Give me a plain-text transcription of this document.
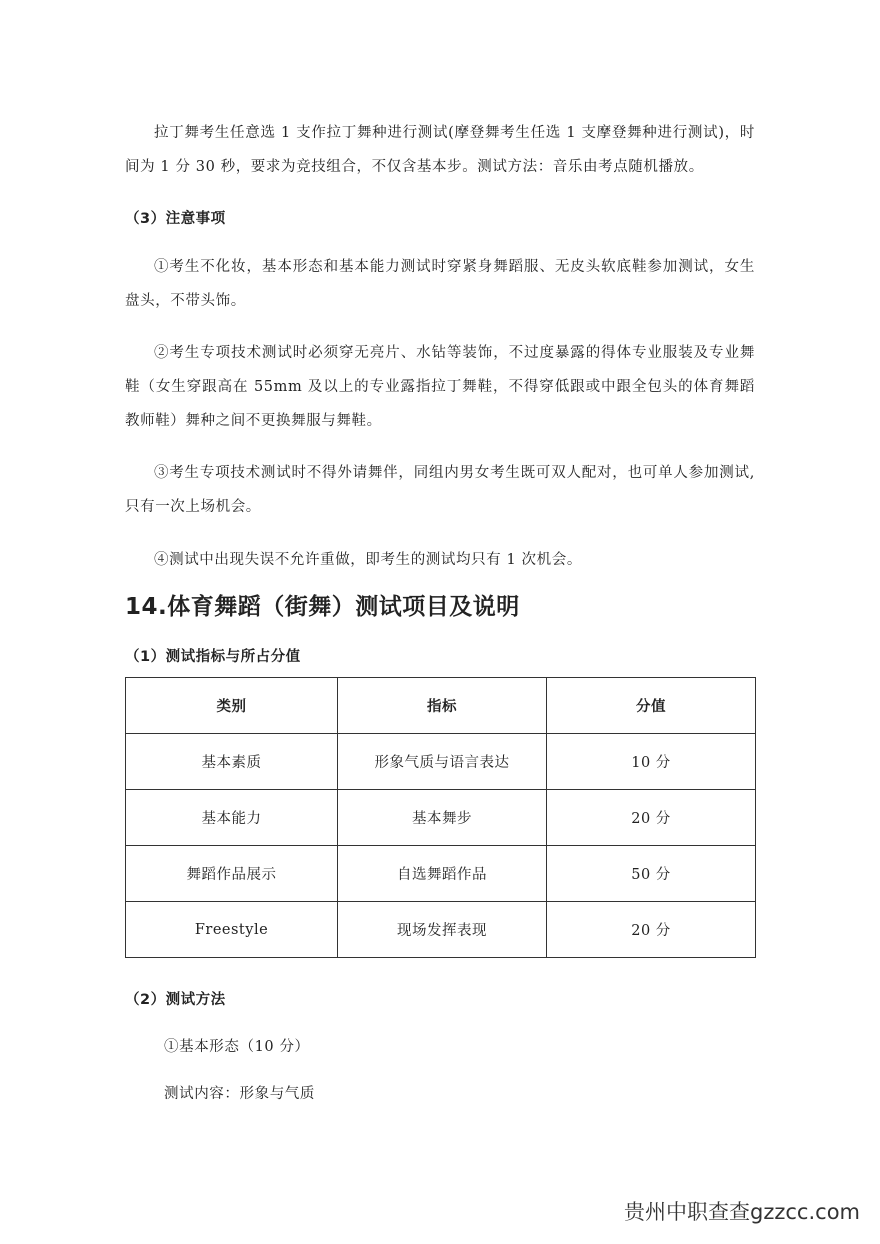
拉丁舞考生任意选 1 支作拉丁舞种进行测试(摩登舞考生任选 1 支摩登舞种进行测试)，时间为 1 分 30 秒，要求为竞技组合，不仅含基本步。测试方法：音乐由考点随机播放。

（3）注意事项

①考生不化妆，基本形态和基本能力测试时穿紧身舞蹈服、无皮头软底鞋参加测试，女生盘头，不带头饰。

②考生专项技术测试时必须穿无亮片、水钻等装饰，不过度暴露的得体专业服装及专业舞鞋（女生穿跟高在 55mm 及以上的专业露指拉丁舞鞋，不得穿低跟或中跟全包头的体育舞蹈教师鞋）舞种之间不更换舞服与舞鞋。

③考生专项技术测试时不得外请舞伴，同组内男女考生既可双人配对，也可单人参加测试,只有一次上场机会。

④测试中出现失误不允许重做，即考生的测试均只有 1 次机会。

14.体育舞蹈（街舞）测试项目及说明
（1）测试指标与所占分值
类别	指标	分值
基本素质	形象气质与语言表达	10 分
基本能力	基本舞步	20 分
舞蹈作品展示	自选舞蹈作品	50 分
Freestyle	现场发挥表现	20 分
（2）测试方法

①基本形态（10 分）

测试内容：形象与气质

贵州中职查查gzzcc.com
